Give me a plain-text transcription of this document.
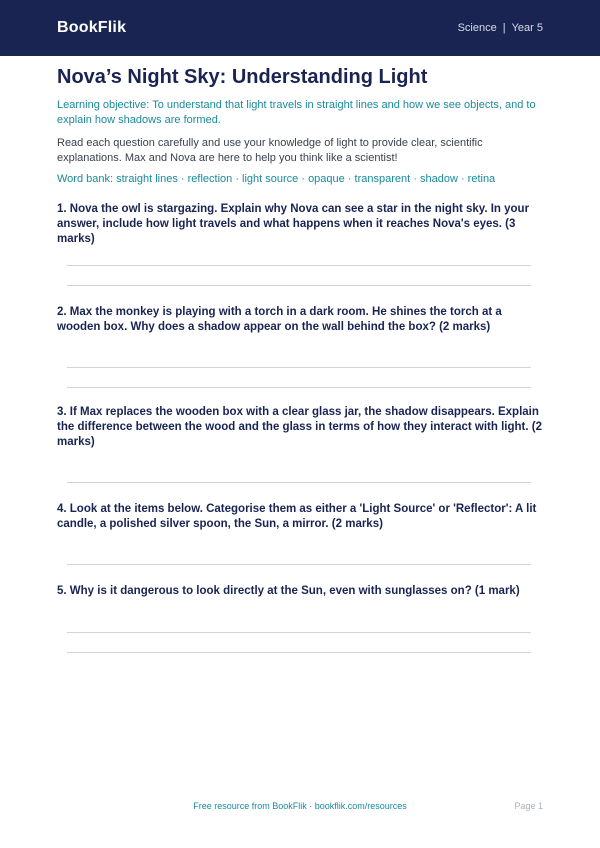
BookFlik	Science | Year 5
Nova’s Night Sky: Understanding Light
Learning objective: To understand that light travels in straight lines and how we see objects, and to explain how shadows are formed.
Read each question carefully and use your knowledge of light to provide clear, scientific explanations. Max and Nova are here to help you think like a scientist!
Word bank: straight lines · reflection · light source · opaque · transparent · shadow · retina
1. Nova the owl is stargazing. Explain why Nova can see a star in the night sky. In your answer, include how light travels and what happens when it reaches Nova's eyes. (3 marks)
2. Max the monkey is playing with a torch in a dark room. He shines the torch at a wooden box. Why does a shadow appear on the wall behind the box? (2 marks)
3. If Max replaces the wooden box with a clear glass jar, the shadow disappears. Explain the difference between the wood and the glass in terms of how they interact with light. (2 marks)
4. Look at the items below. Categorise them as either a 'Light Source' or 'Reflector': A lit candle, a polished silver spoon, the Sun, a mirror. (2 marks)
5. Why is it dangerous to look directly at the Sun, even with sunglasses on? (1 mark)
Free resource from BookFlik · bookflik.com/resources	Page 1
